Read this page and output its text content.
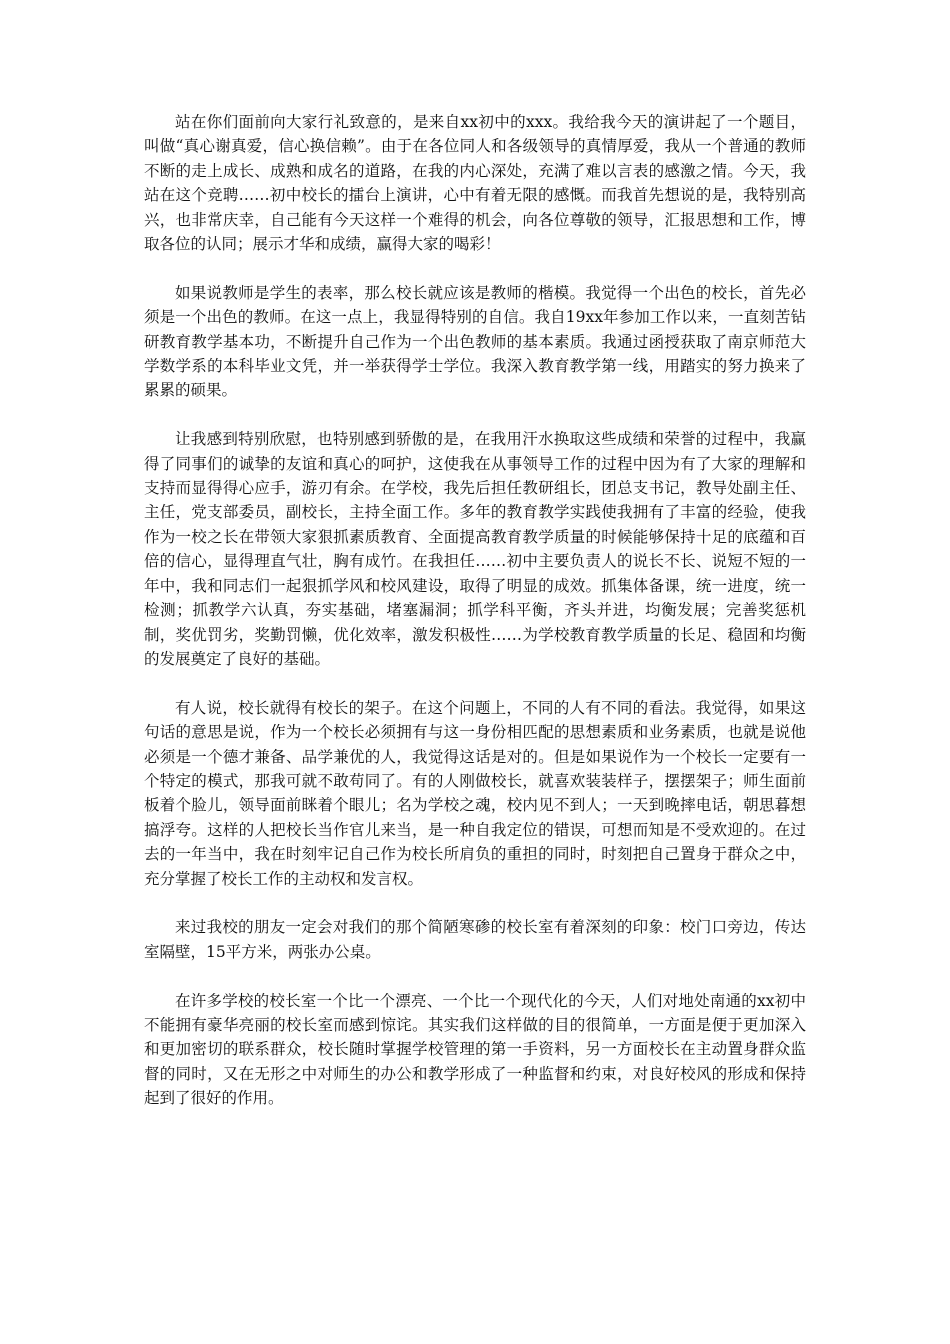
站在你们面前向大家行礼致意的，是来自xx初中的xxx。我给我今天的演讲起了一个题目，叫做“真心谢真爱，信心换信赖”。由于在各位同人和各级领导的真情厚爱，我从一个普通的教师不断的走上成长、成熟和成名的道路，在我的内心深处，充满了难以言表的感激之情。今天，我站在这个竞聘……初中校长的擂台上演讲，心中有着无限的感慨。而我首先想说的是，我特别高兴，也非常庆幸，自己能有今天这样一个难得的机会，向各位尊敬的领导，汇报思想和工作，博取各位的认同；展示才华和成绩，赢得大家的喝彩！

如果说教师是学生的表率，那么校长就应该是教师的楷模。我觉得一个出色的校长，首先必须是一个出色的教师。在这一点上，我显得特别的自信。我自19xx年参加工作以来，一直刻苦钻研教育教学基本功，不断提升自己作为一个出色教师的基本素质。我通过函授获取了南京师范大学数学系的本科毕业文凭，并一举获得学士学位。我深入教育教学第一线，用踏实的努力换来了累累的硕果。

让我感到特别欣慰，也特别感到骄傲的是，在我用汗水换取这些成绩和荣誉的过程中，我赢得了同事们的诚挚的友谊和真心的呵护，这使我在从事领导工作的过程中因为有了大家的理解和支持而显得得心应手，游刃有余。在学校，我先后担任教研组长，团总支书记，教导处副主任、主任，党支部委员，副校长，主持全面工作。多年的教育教学实践使我拥有了丰富的经验，使我作为一校之长在带领大家狠抓素质教育、全面提高教育教学质量的时候能够保持十足的底蕴和百倍的信心，显得理直气壮，胸有成竹。在我担任……初中主要负责人的说长不长、说短不短的一年中，我和同志们一起狠抓学风和校风建设，取得了明显的成效。抓集体备课，统一进度，统一检测；抓教学六认真，夯实基础，堵塞漏洞；抓学科平衡，齐头并进，均衡发展；完善奖惩机制，奖优罚劣，奖勤罚懒，优化效率，激发积极性……为学校教育教学质量的长足、稳固和均衡的发展奠定了良好的基础。

有人说，校长就得有校长的架子。在这个问题上，不同的人有不同的看法。我觉得，如果这句话的意思是说，作为一个校长必须拥有与这一身份相匹配的思想素质和业务素质，也就是说他必须是一个德才兼备、品学兼优的人，我觉得这话是对的。但是如果说作为一个校长一定要有一个特定的模式，那我可就不敢苟同了。有的人刚做校长，就喜欢装装样子，摆摆架子；师生面前板着个脸儿，领导面前眯着个眼儿；名为学校之魂，校内见不到人；一天到晚摔电话，朝思暮想搞浮夸。这样的人把校长当作官儿来当，是一种自我定位的错误，可想而知是不受欢迎的。在过去的一年当中，我在时刻牢记自己作为校长所肩负的重担的同时，时刻把自己置身于群众之中，充分掌握了校长工作的主动权和发言权。

来过我校的朋友一定会对我们的那个简陋寒碜的校长室有着深刻的印象：校门口旁边，传达室隔壁，15平方米，两张办公桌。

在许多学校的校长室一个比一个漂亮、一个比一个现代化的今天，人们对地处南通的xx初中不能拥有豪华亮丽的校长室而感到惊诧。其实我们这样做的目的很简单，一方面是便于更加深入和更加密切的联系群众，校长随时掌握学校管理的第一手资料，另一方面校长在主动置身群众监督的同时，又在无形之中对师生的办公和教学形成了一种监督和约束，对良好校风的形成和保持起到了很好的作用。
